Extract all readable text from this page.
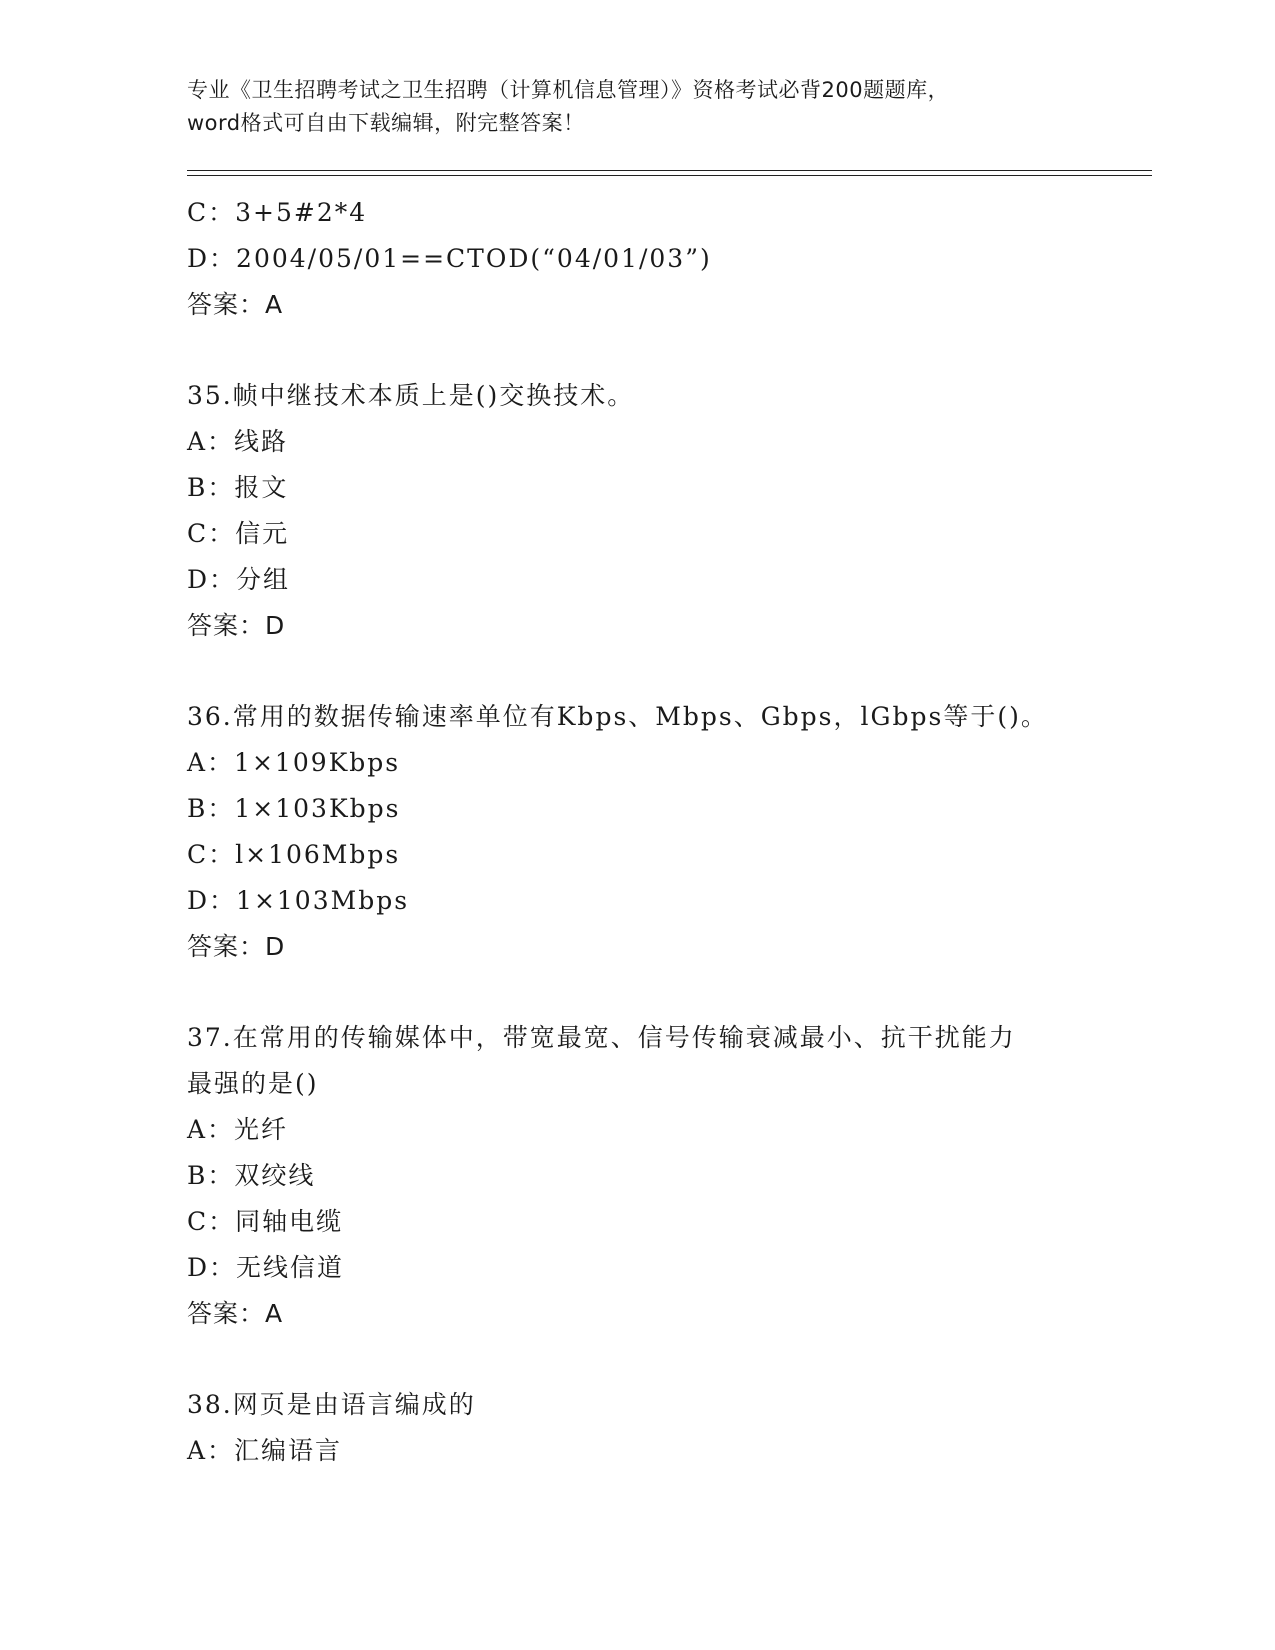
专业《卫生招聘考试之卫生招聘（计算机信息管理）》资格考试必背200题题库，
word格式可自由下载编辑，附完整答案！
C：3+5#2*4
D：2004/05/01==CTOD(“04/01/03”)
答案：A
35.帧中继技术本质上是()交换技术。
A：线路
B：报文
C：信元
D：分组
答案：D
36.常用的数据传输速率单位有Kbps、Mbps、Gbps，lGbps等于()。
A：1×109Kbps
B：1×103Kbps
C：l×106Mbps
D：1×103Mbps
答案：D
37.在常用的传输媒体中，带宽最宽、信号传输衰减最小、抗干扰能力
最强的是()
A：光纤
B：双绞线
C：同轴电缆
D：无线信道
答案：A
38.网页是由语言编成的
A：汇编语言
